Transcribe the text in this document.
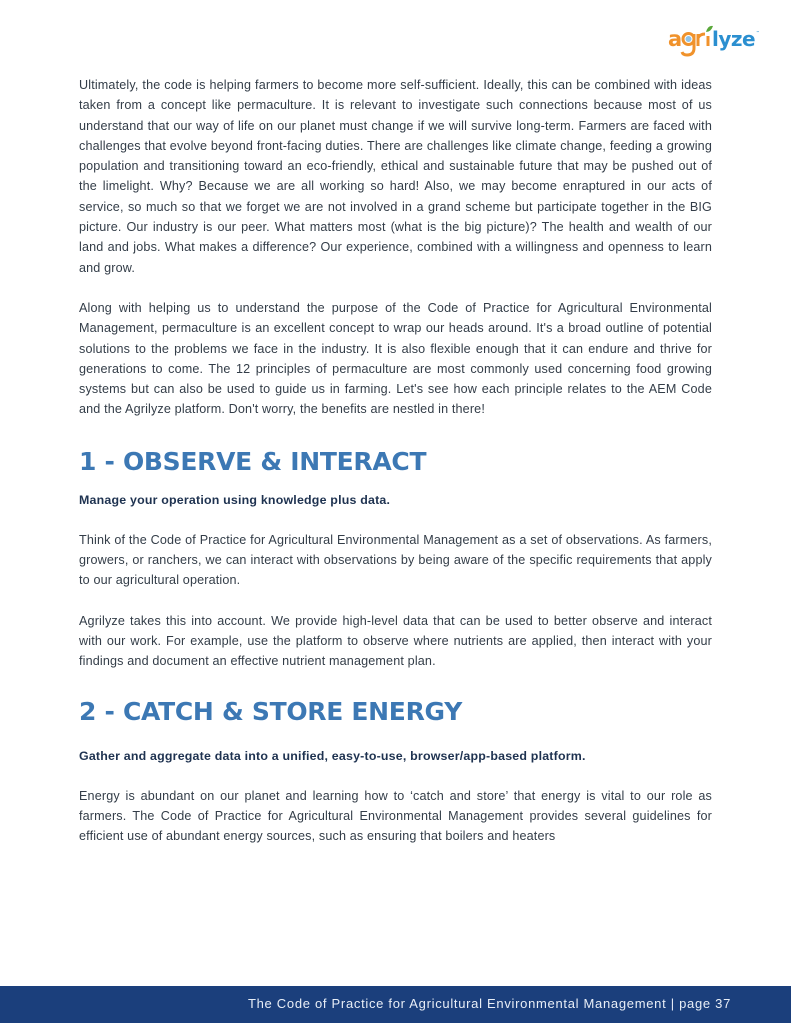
a lyze ™

Ultimately, the code is helping farmers to become more self-sufficient. Ideally, this can be combined with ideas taken from a concept like permaculture. It is relevant to investigate such connections because most of us understand that our way of life on our planet must change if we will survive long-term. Farmers are faced with challenges that evolve beyond front-facing duties. There are challenges like climate change, feeding a growing population and transitioning toward an eco-friendly, ethical and sustainable future that may be pushed out of the limelight. Why? Because we are all working so hard! Also, we may become enraptured in our acts of service, so much so that we forget we are not involved in a grand scheme but participate together in the BIG picture. Our industry is our peer. What matters most (what is the big picture)? The health and wealth of our land and jobs. What makes a difference? Our experience, combined with a willingness and openness to learn and grow.

Along with helping us to understand the purpose of the Code of Practice for Agricultural Environmental Management, permaculture is an excellent concept to wrap our heads around. It's a broad outline of potential solutions to the problems we face in the industry. It is also flexible enough that it can endure and thrive for generations to come. The 12 principles of permaculture are most commonly used concerning food growing systems but can also be used to guide us in farming. Let's see how each principle relates to the AEM Code and the Agrilyze platform. Don't worry, the benefits are nestled in there!

1 - OBSERVE & INTERACT

Manage your operation using knowledge plus data.

Think of the Code of Practice for Agricultural Environmental Management as a set of observations. As farmers, growers, or ranchers, we can interact with observations by being aware of the specific requirements that apply to our agricultural operation.

Agrilyze takes this into account. We provide high-level data that can be used to better observe and interact with our work. For example, use the platform to observe where nutrients are applied, then interact with your findings and document an effective nutrient management plan.

2 - CATCH & STORE ENERGY

Gather and aggregate data into a unified, easy-to-use, browser/app-based platform.

Energy is abundant on our planet and learning how to ‘catch and store’ that energy is vital to our role as farmers. The Code of Practice for Agricultural Environmental Management provides several guidelines for efficient use of abundant energy sources, such as ensuring that boilers and heaters

The Code of Practice for Agricultural Environmental Management | page 37
